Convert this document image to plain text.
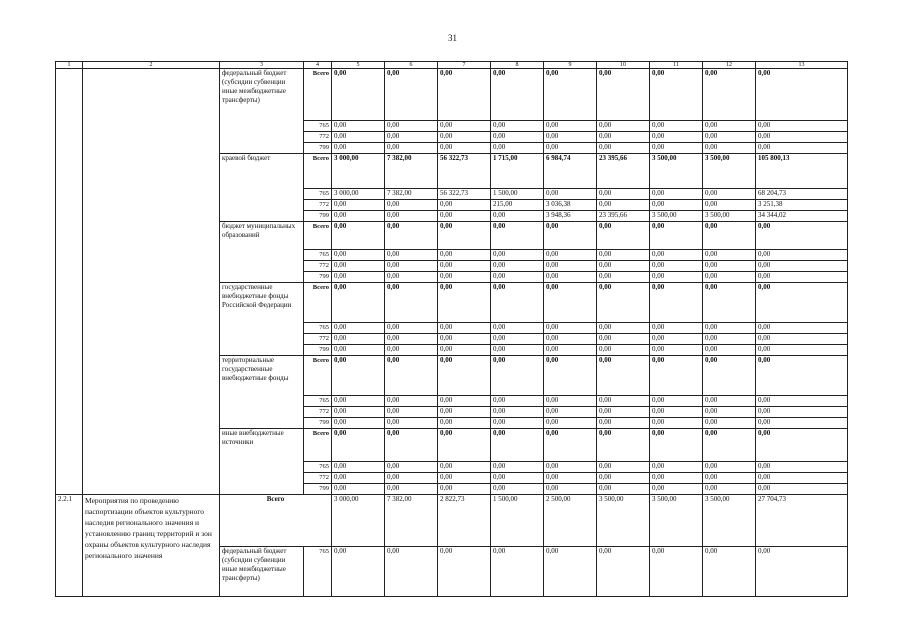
31
1	2	3	4	5	6	7	8	9	10	11	12	13
		федеральный бюджет (субсидии субвенции иные межбюджетные трансферты)	Всего	0,00	0,00	0,00	0,00	0,00	0,00	0,00	0,00	0,00
			765	0,00	0,00	0,00	0,00	0,00	0,00	0,00	0,00	0,00
			772	0,00	0,00	0,00	0,00	0,00	0,00	0,00	0,00	0,00
			799	0,00	0,00	0,00	0,00	0,00	0,00	0,00	0,00	0,00
		краевой бюджет	Всего	3 000,00	7 382,00	56 322,73	1 715,00	6 984,74	23 395,66	3 500,00	3 500,00	105 800,13
			765	3 000,00	7 382,00	56 322,73	1 500,00	0,00	0,00	0,00	0,00	68 204,73
			772	0,00	0,00	0,00	215,00	3 036,38	0,00	0,00	0,00	3 251,38
			799	0,00	0,00	0,00	0,00	3 948,36	23 395,66	3 500,00	3 500,00	34 344,02
		бюджет муниципальных образований	Всего	0,00	0,00	0,00	0,00	0,00	0,00	0,00	0,00	0,00
			765	0,00	0,00	0,00	0,00	0,00	0,00	0,00	0,00	0,00
			772	0,00	0,00	0,00	0,00	0,00	0,00	0,00	0,00	0,00
			799	0,00	0,00	0,00	0,00	0,00	0,00	0,00	0,00	0,00
		государственные внебюджетные фонды Российской Федерации	Всего	0,00	0,00	0,00	0,00	0,00	0,00	0,00	0,00	0,00
			765	0,00	0,00	0,00	0,00	0,00	0,00	0,00	0,00	0,00
			772	0,00	0,00	0,00	0,00	0,00	0,00	0,00	0,00	0,00
			799	0,00	0,00	0,00	0,00	0,00	0,00	0,00	0,00	0,00
		территориальные государственные внебюджетные фонды	Всего	0,00	0,00	0,00	0,00	0,00	0,00	0,00	0,00	0,00
			765	0,00	0,00	0,00	0,00	0,00	0,00	0,00	0,00	0,00
			772	0,00	0,00	0,00	0,00	0,00	0,00	0,00	0,00	0,00
			799	0,00	0,00	0,00	0,00	0,00	0,00	0,00	0,00	0,00
		иные внебюджетные источники	Всего	0,00	0,00	0,00	0,00	0,00	0,00	0,00	0,00	0,00
			765	0,00	0,00	0,00	0,00	0,00	0,00	0,00	0,00	0,00
			772	0,00	0,00	0,00	0,00	0,00	0,00	0,00	0,00	0,00
			799	0,00	0,00	0,00	0,00	0,00	0,00	0,00	0,00	0,00
2.2.1	Мероприятия по проведению паспортизации объектов культурного наследия регионального значения и установлению границ территорий и зон охраны объектов культурного наследия регионального значения	Всего		3 000,00	7 382,00	2 822,73	1 500,00	2 500,00	3 500,00	3 500,00	3 500,00	27 704,73
		федеральный бюджет (субсидии субвенции иные межбюджетные трансферты)	765	0,00	0,00	0,00	0,00	0,00	0,00	0,00	0,00	0,00
